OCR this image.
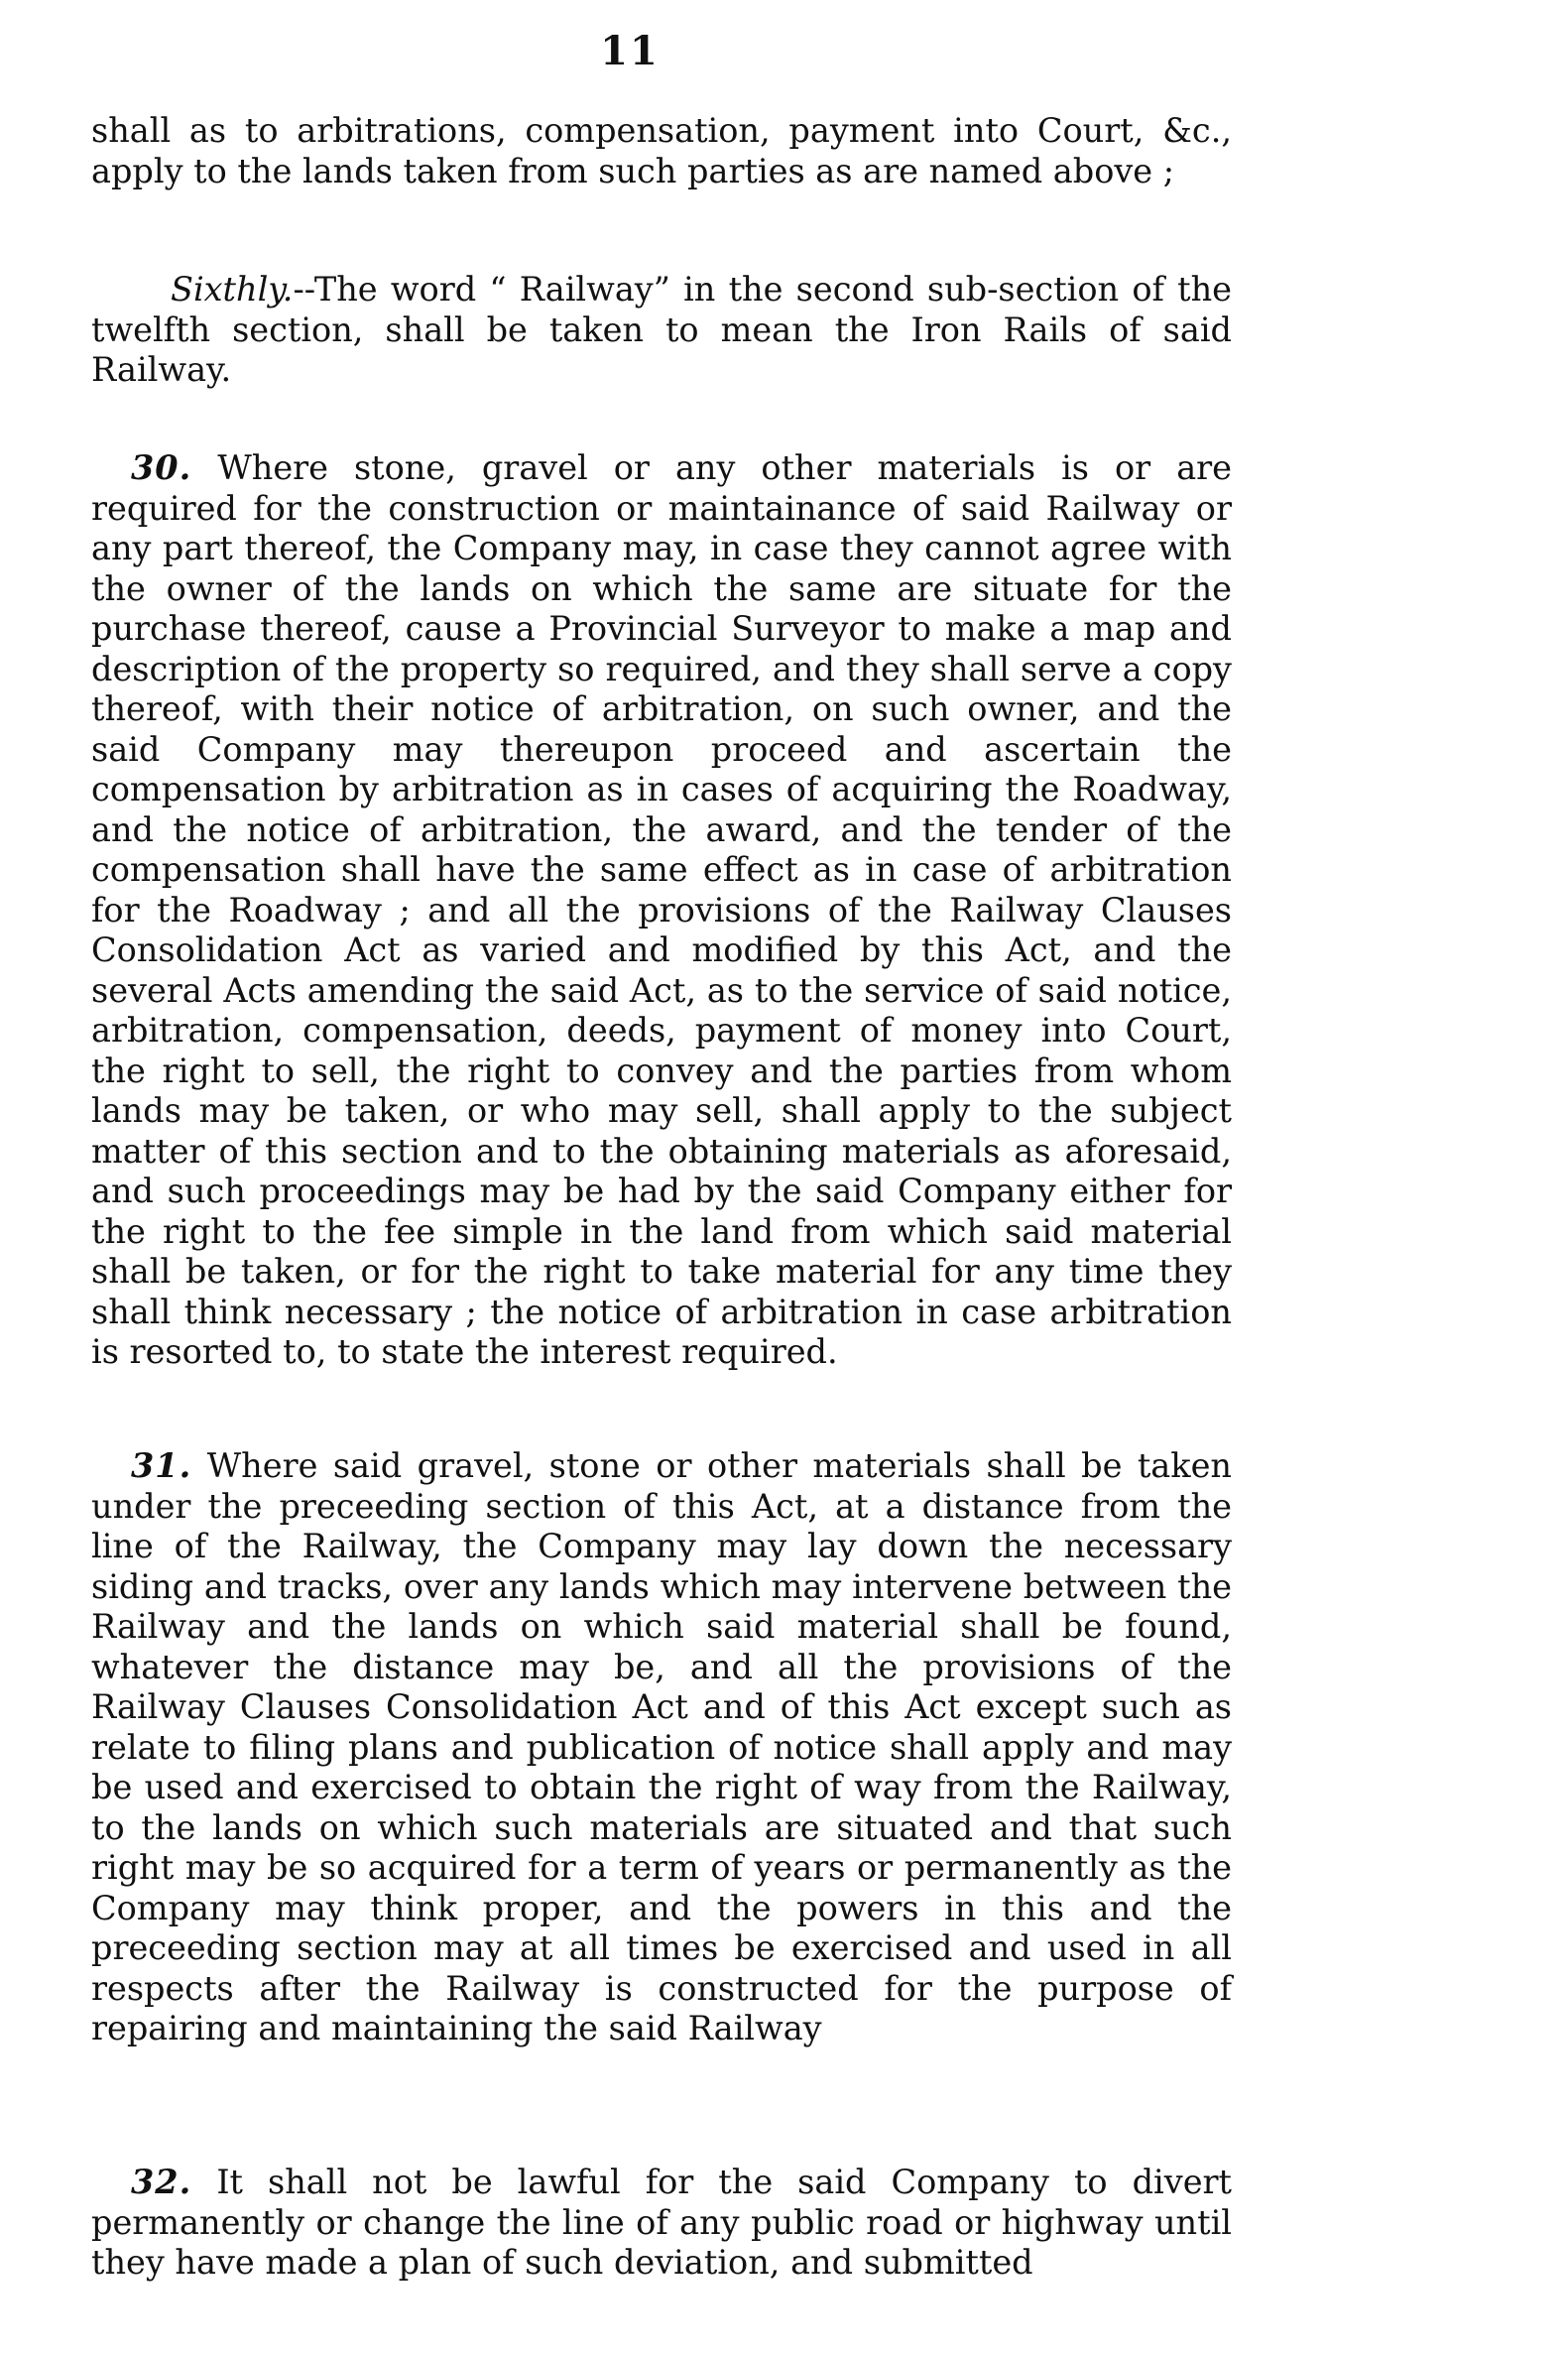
11

shall as to arbitrations, compensation, payment into Court, &c., apply to the lands taken from such parties as are named above ;

Sixthly.--The word “ Railway” in the second sub-section of the twelfth section, shall be taken to mean the Iron Rails of said Railway.

30. Where stone, gravel or any other materials is or are required for the construction or maintainance of said Railway or any part thereof, the Company may, in case they cannot agree with the owner of the lands on which the same are situate for the purchase thereof, cause a Provincial Surveyor to make a map and description of the property so required, and they shall serve a copy thereof, with their notice of arbitration, on such owner, and the said Company may thereupon proceed and ascertain the compensation by arbitration as in cases of acquiring the Roadway, and the notice of arbitration, the award, and the tender of the compensation shall have the same effect as in case of arbitration for the Roadway ; and all the provisions of the Railway Clauses Consolidation Act as varied and modified by this Act, and the several Acts amending the said Act, as to the service of said notice, arbitration, compensation, deeds, payment of money into Court, the right to sell, the right to convey and the parties from whom lands may be taken, or who may sell, shall apply to the subject matter of this section and to the obtaining materials as aforesaid, and such proceedings may be had by the said Company either for the right to the fee simple in the land from which said material shall be taken, or for the right to take material for any time they shall think necessary ; the notice of arbitration in case arbitration is resorted to, to state the interest required.

31. Where said gravel, stone or other materials shall be taken under the preceeding section of this Act, at a distance from the line of the Railway, the Company may lay down the necessary siding and tracks, over any lands which may intervene between the Railway and the lands on which said material shall be found, whatever the distance may be, and all the provisions of the Railway Clauses Consolidation Act and of this Act except such as relate to filing plans and publication of notice shall apply and may be used and exercised to obtain the right of way from the Railway, to the lands on which such materials are situated and that such right may be so acquired for a term of years or permanently as the Company may think proper, and the powers in this and the preceeding section may at all times be exercised and used in all respects after the Railway is constructed for the purpose of repairing and maintaining the said Railway

32. It shall not be lawful for the said Company to divert permanently or change the line of any public road or highway until they have made a plan of such deviation, and submitted
